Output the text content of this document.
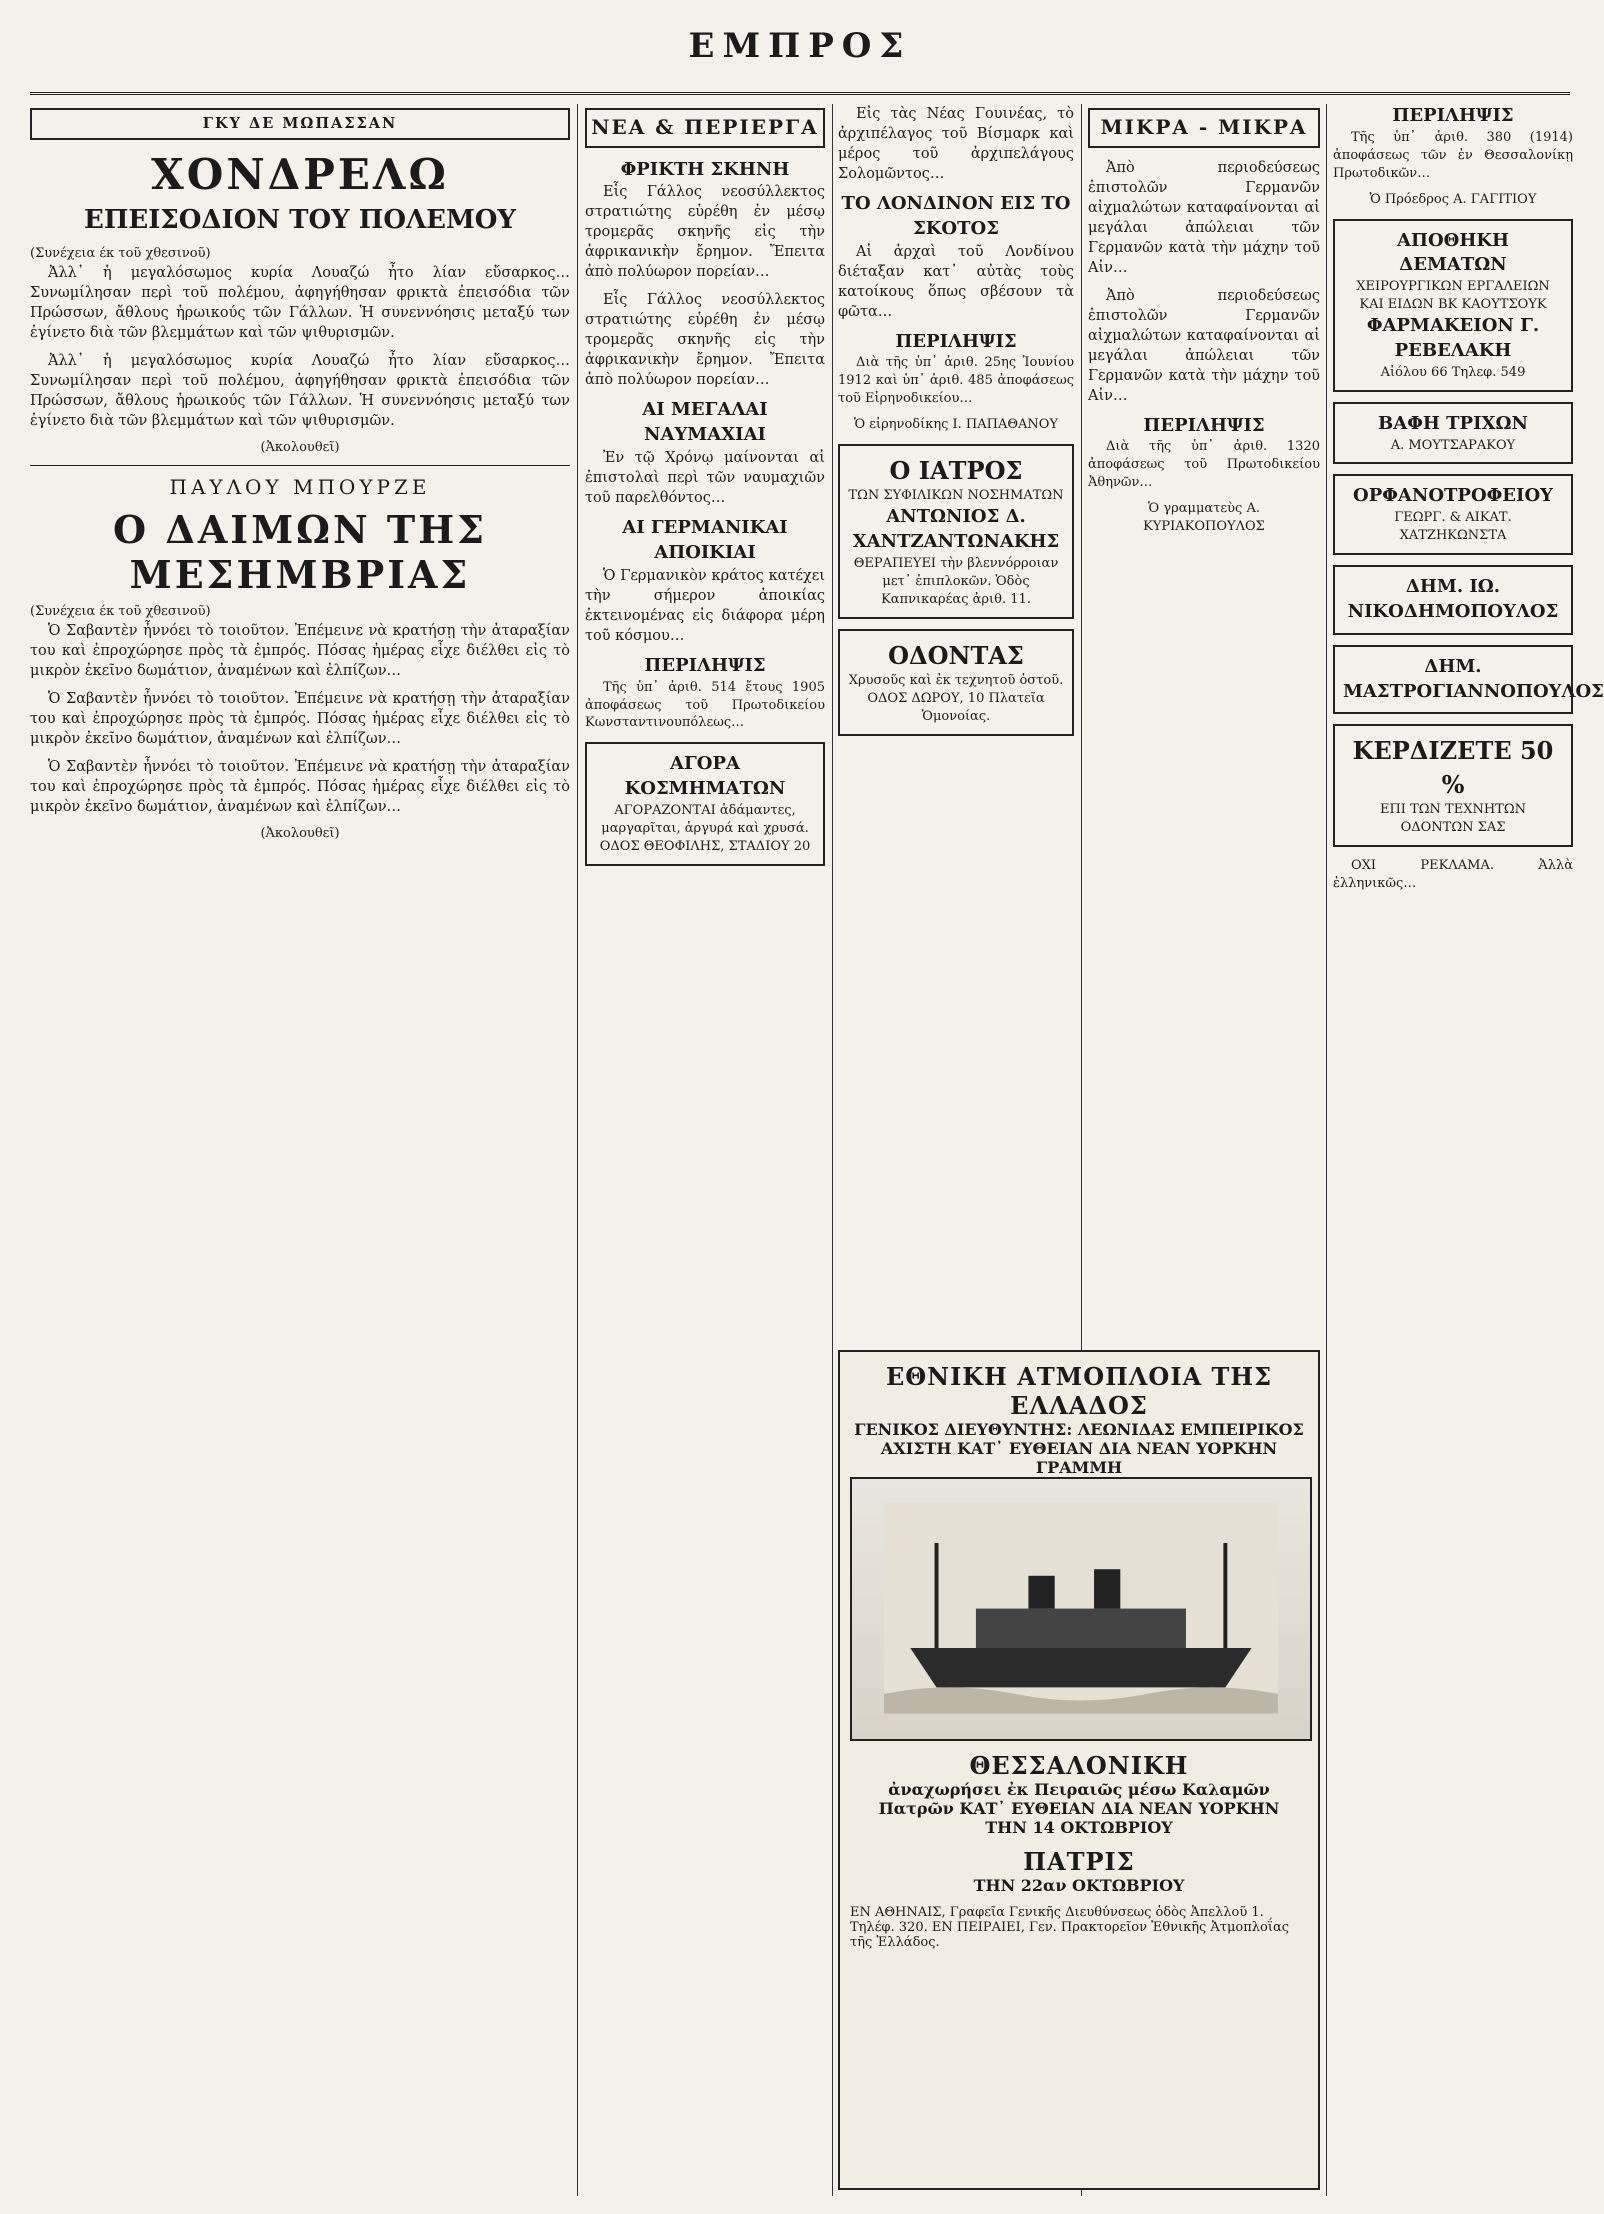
ΕΜΠΡΟΣ
ΓΚΥ ΔΕ ΜΩΠΑΣΣΑΝ
ΧΟΝΔΡΕΛΩ
ΕΠΕΙΣΟΔΙΟΝ ΤΟΥ ΠΟΛΕΜΟΥ
(Συνέχεια έκ τοῦ χθεσινοῦ)

Ἀλλ᾽ ἡ μεγαλόσωμος κυρία Λουαζώ ἦτο λίαν εὔσαρκος… Συνωμίλησαν περὶ τοῦ πολέμου, ἀφηγήθησαν φρικτὰ ἐπεισόδια τῶν Πρώσσων, ἄθλους ἡρωικούς τῶν Γάλλων. Ἡ συνεννόησις μεταξύ των ἐγίνετο διὰ τῶν βλεμμάτων καὶ τῶν ψιθυρισμῶν.

Ἀλλ᾽ ἡ μεγαλόσωμος κυρία Λουαζώ ἦτο λίαν εὔσαρκος… Συνωμίλησαν περὶ τοῦ πολέμου, ἀφηγήθησαν φρικτὰ ἐπεισόδια τῶν Πρώσσων, ἄθλους ἡρωικούς τῶν Γάλλων. Ἡ συνεννόησις μεταξύ των ἐγίνετο διὰ τῶν βλεμμάτων καὶ τῶν ψιθυρισμῶν.

(Ἀκολουθεῖ)
ΠΑΥΛΟΥ ΜΠΟΥΡΖΕ
Ο ΔΑΙΜΩΝ ΤΗΣ ΜΕΣΗΜΒΡΙΑΣ
(Συνέχεια έκ τοῦ χθεσινοῦ)

Ὁ Σαβαντὲν ἦννόει τὸ τοιοῦτον. Ἐπέμεινε νὰ κρατήσῃ τὴν ἀταραξίαν του καὶ ἐπροχώρησε πρὸς τὰ ἐμπρός. Πόσας ἡμέρας εἶχε διέλθει εἰς τὸ μικρὸν ἐκεῖνο δωμάτιον, ἀναμένων καὶ ἐλπίζων…

Ὁ Σαβαντὲν ἦννόει τὸ τοιοῦτον. Ἐπέμεινε νὰ κρατήσῃ τὴν ἀταραξίαν του καὶ ἐπροχώρησε πρὸς τὰ ἐμπρός. Πόσας ἡμέρας εἶχε διέλθει εἰς τὸ μικρὸν ἐκεῖνο δωμάτιον, ἀναμένων καὶ ἐλπίζων…

Ὁ Σαβαντὲν ἦννόει τὸ τοιοῦτον. Ἐπέμεινε νὰ κρατήσῃ τὴν ἀταραξίαν του καὶ ἐπροχώρησε πρὸς τὰ ἐμπρός. Πόσας ἡμέρας εἶχε διέλθει εἰς τὸ μικρὸν ἐκεῖνο δωμάτιον, ἀναμένων καὶ ἐλπίζων…

(Ἀκολουθεῖ)
ΝΕΑ & ΠΕΡΙΕΡΓΑ
ΦΡΙΚΤΗ ΣΚΗΝΗ

Εἷς Γάλλος νεοσύλλεκτος στρατιώτης εὑρέθη ἐν μέσῳ τρομερᾶς σκηνῆς εἰς τὴν ἀφρικανικὴν ἔρημον. Ἔπειτα ἀπὸ πολύωρον πορείαν…

Εἷς Γάλλος νεοσύλλεκτος στρατιώτης εὑρέθη ἐν μέσῳ τρομερᾶς σκηνῆς εἰς τὴν ἀφρικανικὴν ἔρημον. Ἔπειτα ἀπὸ πολύωρον πορείαν…

ΑΙ ΜΕΓΑΛΑΙ ΝΑΥΜΑΧΙΑΙ

Ἐν τῷ Χρόνῳ μαίνονται αἱ ἐπιστολαὶ περὶ τῶν ναυμαχιῶν τοῦ παρελθόντος…

ΑΙ ΓΕΡΜΑΝΙΚΑΙ ΑΠΟΙΚΙΑΙ

Ὁ Γερμανικὸν κράτος κατέχει τὴν σήμερον ἀποικίας ἐκτεινομένας εἰς διάφορα μέρη τοῦ κόσμου…

ΠΕΡΙΛΗΨΙΣ

Τῆς ὑπ᾽ ἀριθ. 514 ἔτους 1905 ἀποφάσεως τοῦ Πρωτοδικείου Κωνσταντινουπόλεως…

ΑΓΟΡΑ ΚΟΣΜΗΜΑΤΩΝ
ΑΓΟΡΑΖΟΝΤΑΙ ἀδάμαντες, μαργαρῖται, ἀργυρά καὶ χρυσά. ΟΔΟΣ ΘΕΟΦΙΛΗΣ, ΣΤΑΔΙΟΥ 20

Εἰς τὰς Νέας Γουινέας, τὸ ἀρχιπέλαγος τοῦ Βίσμαρκ καὶ μέρος τοῦ ἀρχιπελάγους Σολομῶντος…

ΤΟ ΛΟΝΔΙΝΟΝ ΕΙΣ ΤΟ ΣΚΟΤΟΣ

Αἱ ἀρχαὶ τοῦ Λονδίνου διέταξαν κατ᾽ αὐτὰς τοὺς κατοίκους ὅπως σβέσουν τὰ φῶτα…

ΠΕΡΙΛΗΨΙΣ

Διὰ τῆς ὑπ᾽ ἀριθ. 25ης Ἰουνίου 1912 καὶ ὑπ᾽ ἀριθ. 485 ἀποφάσεως τοῦ Εἰρηνοδικείου…

Ὁ εἰρηνοδίκης Ι. ΠΑΠΑΘΑΝΟΥ
Ο ΙΑΤΡΟΣ
ΤΩΝ ΣΥΦΙΛΙΚΩΝ ΝΟΣΗΜΑΤΩΝ
ΑΝΤΩΝΙΟΣ Δ. ΧΑΝΤΖΑΝΤΩΝΑΚΗΣ
ΘΕΡΑΠΕΥΕΙ τὴν βλεννόρροιαν μετ᾽ ἐπιπλοκῶν. Ὁδὸς Καπνικαρέας ἀριθ. 11.
ΟΔΟΝΤΑΣ
Χρυσοῦς καὶ ἐκ τεχνητοῦ ὀστοῦ. ΟΔΟΣ ΔΩΡΟΥ, 10 Πλατεῖα Ὁμονοίας.
ΕΘΝΙΚΗ ΑΤΜΟΠΛΟΙΑ ΤΗΣ ΕΛΛΑΔΟΣ
ΓΕΝΙΚΟΣ ΔΙΕΥΘΥΝΤΗΣ: ΛΕΩΝΙΔΑΣ ΕΜΠΕΙΡΙΚΟΣ
ΑΧΙΣΤΗ ΚΑΤ᾽ ΕΥΘΕΙΑΝ ΔΙΑ ΝΕΑΝ ΥΟΡΚΗΝ ΓΡΑΜΜΗ
ΘΕΣΣΑΛΟΝΙΚΗ
ἀναχωρήσει ἐκ Πειραιῶς μέσω Καλαμῶν Πατρῶν ΚΑΤ᾽ ΕΥΘΕΙΑΝ ΔΙΑ ΝΕΑΝ ΥΟΡΚΗΝ
ΤΗΝ 14 ΟΚΤΩΒΡΙΟΥ
ΠΑΤΡΙΣ
ΤΗΝ 22αν ΟΚΤΩΒΡΙΟΥ
ΕΝ ΑΘΗΝΑΙΣ, Γραφεῖα Γενικῆς Διευθύνσεως ὁδὸς Ἀπελλοῦ 1. Τηλέφ. 320. ΕΝ ΠΕΙΡΑΙΕΙ, Γεν. Πρακτορεῖον Ἐθνικῆς Ἀτμοπλοΐας τῆς Ἑλλάδος.
ΜΙΚΡΑ - ΜΙΚΡΑ

Ἀπὸ περιοδεύσεως ἐπιστολῶν Γερμανῶν αἰχμαλώτων καταφαίνονται αἱ μεγάλαι ἀπώλειαι τῶν Γερμανῶν κατὰ τὴν μάχην τοῦ Αἰν…

Ἀπὸ περιοδεύσεως ἐπιστολῶν Γερμανῶν αἰχμαλώτων καταφαίνονται αἱ μεγάλαι ἀπώλειαι τῶν Γερμανῶν κατὰ τὴν μάχην τοῦ Αἰν…

ΠΕΡΙΛΗΨΙΣ

Διὰ τῆς ὑπ᾽ ἀριθ. 1320 ἀποφάσεως τοῦ Πρωτοδικείου Ἀθηνῶν…

Ὁ γραμματεὺς Α. ΚΥΡΙΑΚΟΠΟΥΛΟΣ
ΠΕΡΙΛΗΨΙΣ

Τῆς ὑπ᾽ ἀριθ. 380 (1914) ἀποφάσεως τῶν ἐν Θεσσαλονίκῃ Πρωτοδικῶν…

Ὁ Πρόεδρος Α. ΓΑΓΙΤΙΟΥ
ΑΠΟΘΗΚΗ ΔΕΜΑΤΩΝ
ΧΕΙΡΟΥΡΓΙΚΩΝ ΕΡΓΑΛΕΙΩΝ ΚΑΙ ΕΙΔΩΝ ΒΚ ΚΑΟΥΤΣΟΥΚ
ΦΑΡΜΑΚΕΙΟΝ Γ. ΡΕΒΕΛΑΚΗ
Αἰόλου 66 Τηλεφ. 549
ΒΑΦΗ ΤΡΙΧΩΝ
Α. ΜΟΥΤΣΑΡΑΚΟΥ
ΟΡΦΑΝΟΤΡΟΦΕΙΟΥ
ΓΕΩΡΓ. & ΑΙΚΑΤ. ΧΑΤΖΗΚΩΝΣΤΑ
ΔΗΜ. ΙΩ. ΝΙΚΟΔΗΜΟΠΟΥΛΟΣ
ΔΗΜ. ΜΑΣΤΡΟΓΙΑΝΝΟΠΟΥΛΟΣ
ΚΕΡΔΙΖΕΤΕ 50 %
ΕΠΙ ΤΩΝ ΤΕΧΝΗΤΩΝ ΟΔΟΝΤΩΝ ΣΑΣ

ΟΧΙ ΡΕΚΛΑΜΑ. Ἀλλὰ ἐλληνικῶς…
